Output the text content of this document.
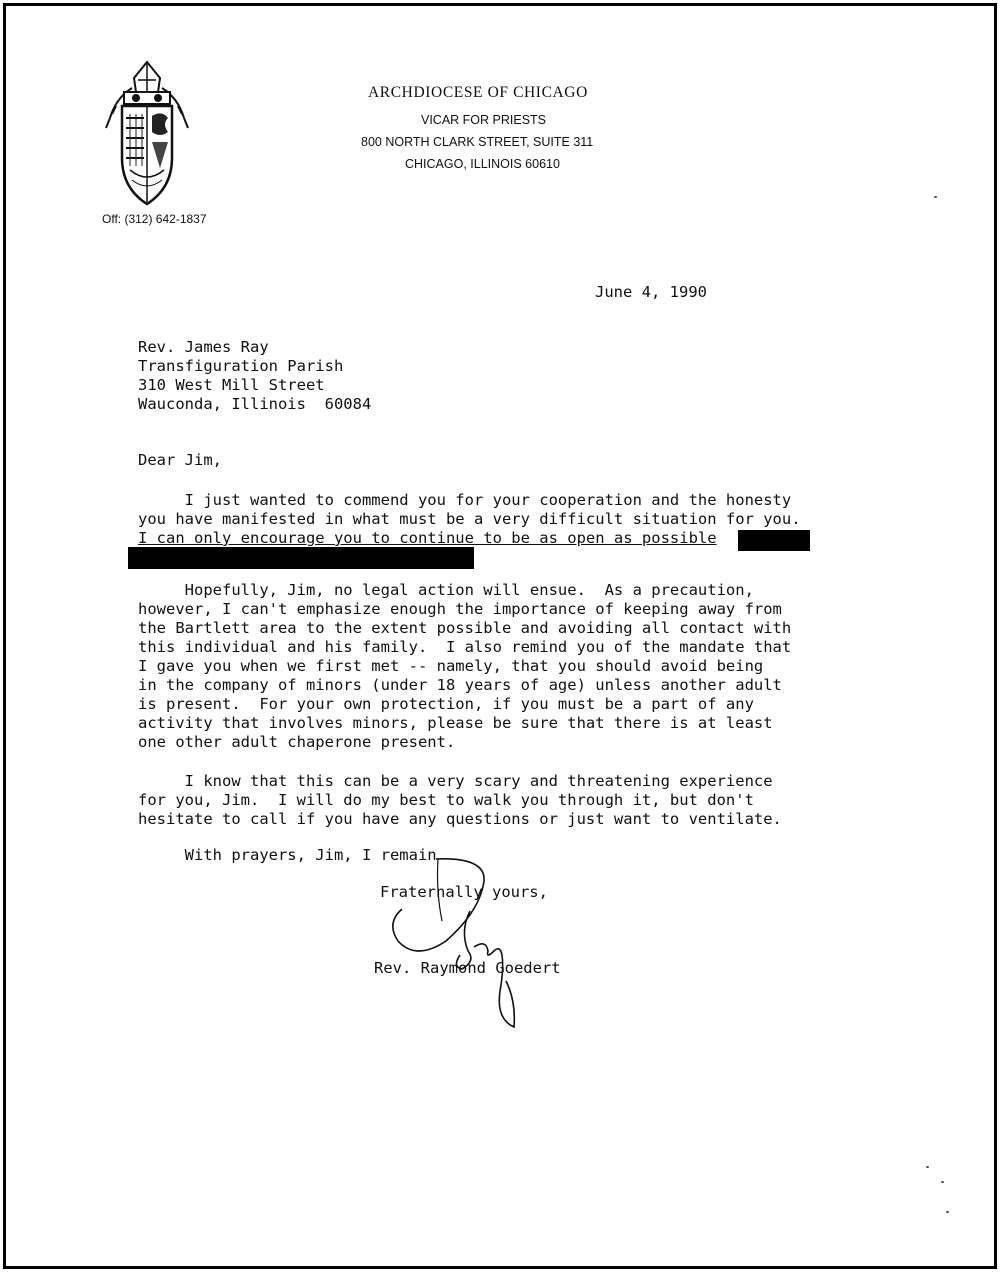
Off: (312) 642-1837
ARCHDIOCESE OF CHICAGO
VICAR FOR PRIESTS
800 NORTH CLARK STREET, SUITE 311
CHICAGO, ILLINOIS 60610
June 4, 1990
Rev. James Ray
Transfiguration Parish
310 West Mill Street
Wauconda, Illinois  60084
Dear Jim,
I just wanted to commend you for your cooperation and the honesty
you have manifested in what must be a very difficult situation for you.
I can only encourage you to continue to be as open as possible
Hopefully, Jim, no legal action will ensue.  As a precaution,
however, I can't emphasize enough the importance of keeping away from
the Bartlett area to the extent possible and avoiding all contact with
this individual and his family.  I also remind you of the mandate that
I gave you when we first met -- namely, that you should avoid being
in the company of minors (under 18 years of age) unless another adult
is present.  For your own protection, if you must be a part of any
activity that involves minors, please be sure that there is at least
one other adult chaperone present.
I know that this can be a very scary and threatening experience
for you, Jim.  I will do my best to walk you through it, but don't
hesitate to call if you have any questions or just want to ventilate.
With prayers, Jim, I remain
Fraternally yours,
Rev. Raymond Goedert
